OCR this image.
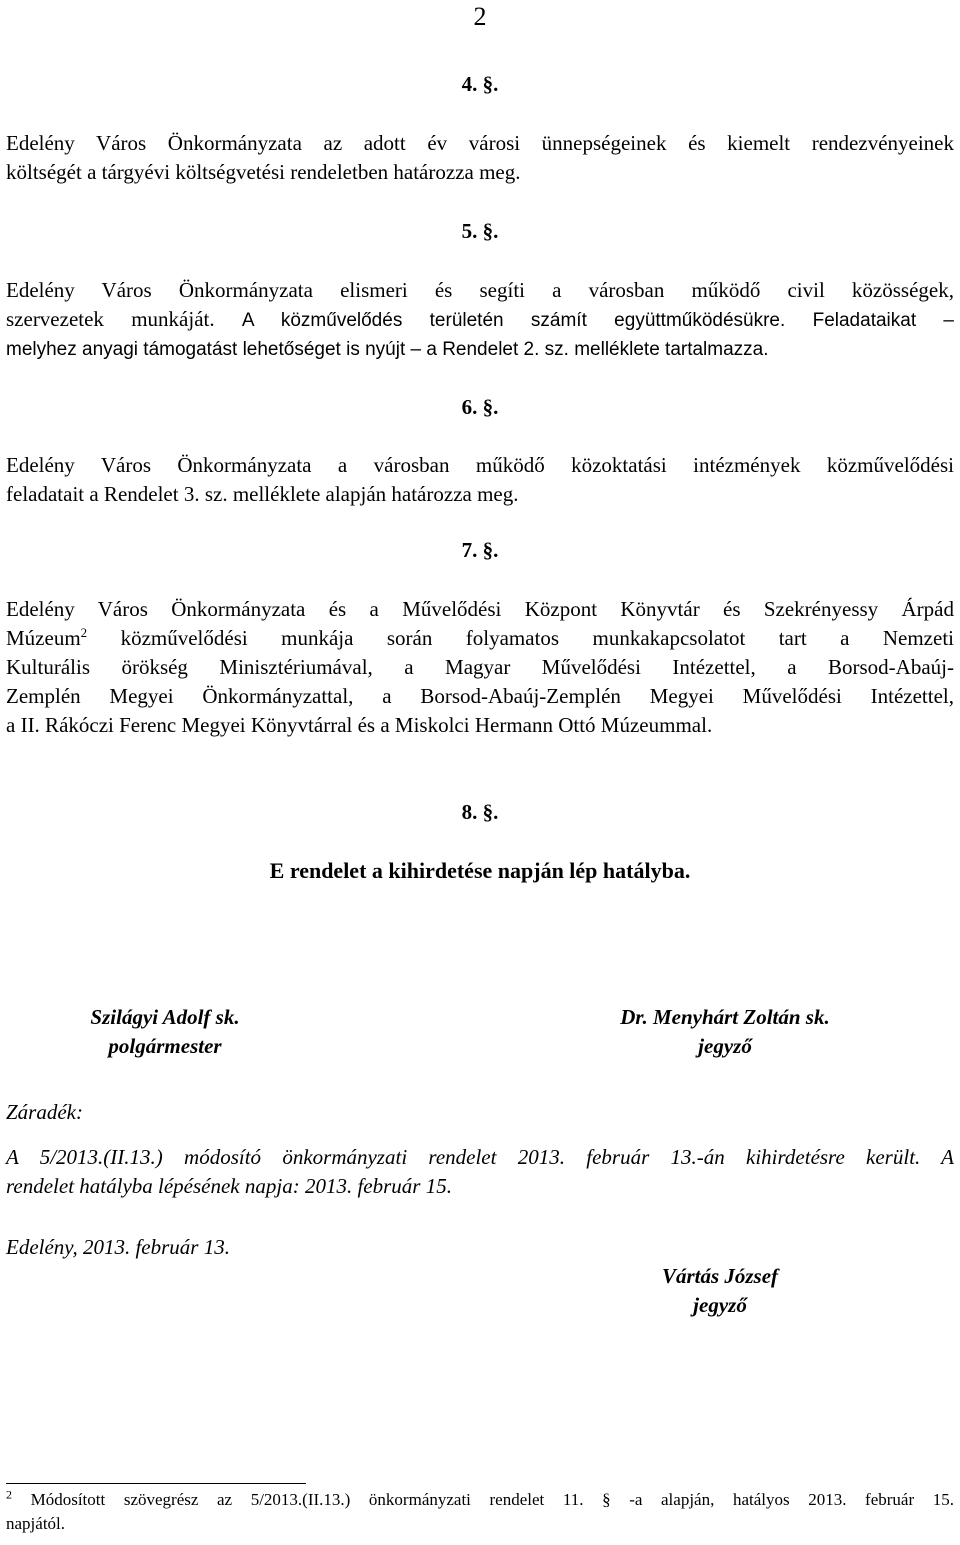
2
4. §.
Edelény Város Önkormányzata az adott év városi ünnepségeinek és kiemelt rendezvényeinek
költségét a tárgyévi költségvetési rendeletben határozza meg.
5. §.
Edelény Város Önkormányzata elismeri és segíti a városban működő civil közösségek,
szervezetek munkáját. A közművelődés területén számít együttműködésükre. Feladataikat –
melyhez anyagi támogatást lehetőséget is nyújt – a Rendelet 2. sz. melléklete tartalmazza.
6. §.
Edelény Város Önkormányzata a városban működő közoktatási intézmények közművelődési
feladatait a Rendelet 3. sz. melléklete alapján határozza meg.
7. §.
Edelény Város Önkormányzata és a Művelődési Központ Könyvtár és Szekrényessy Árpád
Múzeum$^2$ közművelődési munkája során folyamatos munkakapcsolatot tart a Nemzeti
Kulturális örökség Minisztériumával, a Magyar Művelődési Intézettel, a Borsod-Abaúj-
Zemplén Megyei Önkormányzattal, a Borsod-Abaúj-Zemplén Megyei Művelődési Intézettel,
a II. Rákóczi Ferenc Megyei Könyvtárral és a Miskolci Hermann Ottó Múzeummal.
8. §.
E rendelet a kihirdetése napján lép hatályba.
Szilágyi Adolf sk.
polgármester
Dr. Menyhárt Zoltán sk.
jegyző
Záradék:
A 5/2013.(II.13.) módosító önkormányzati rendelet 2013. február 13.-án kihirdetésre került. A
rendelet hatályba lépésének napja: 2013. február 15.
Edelény, 2013. február 13.
Vártás József
jegyző
$^2$ Módosított szövegrész az 5/2013.(II.13.) önkormányzati rendelet 11. § -a alapján, hatályos 2013. február 15.
napjától.
